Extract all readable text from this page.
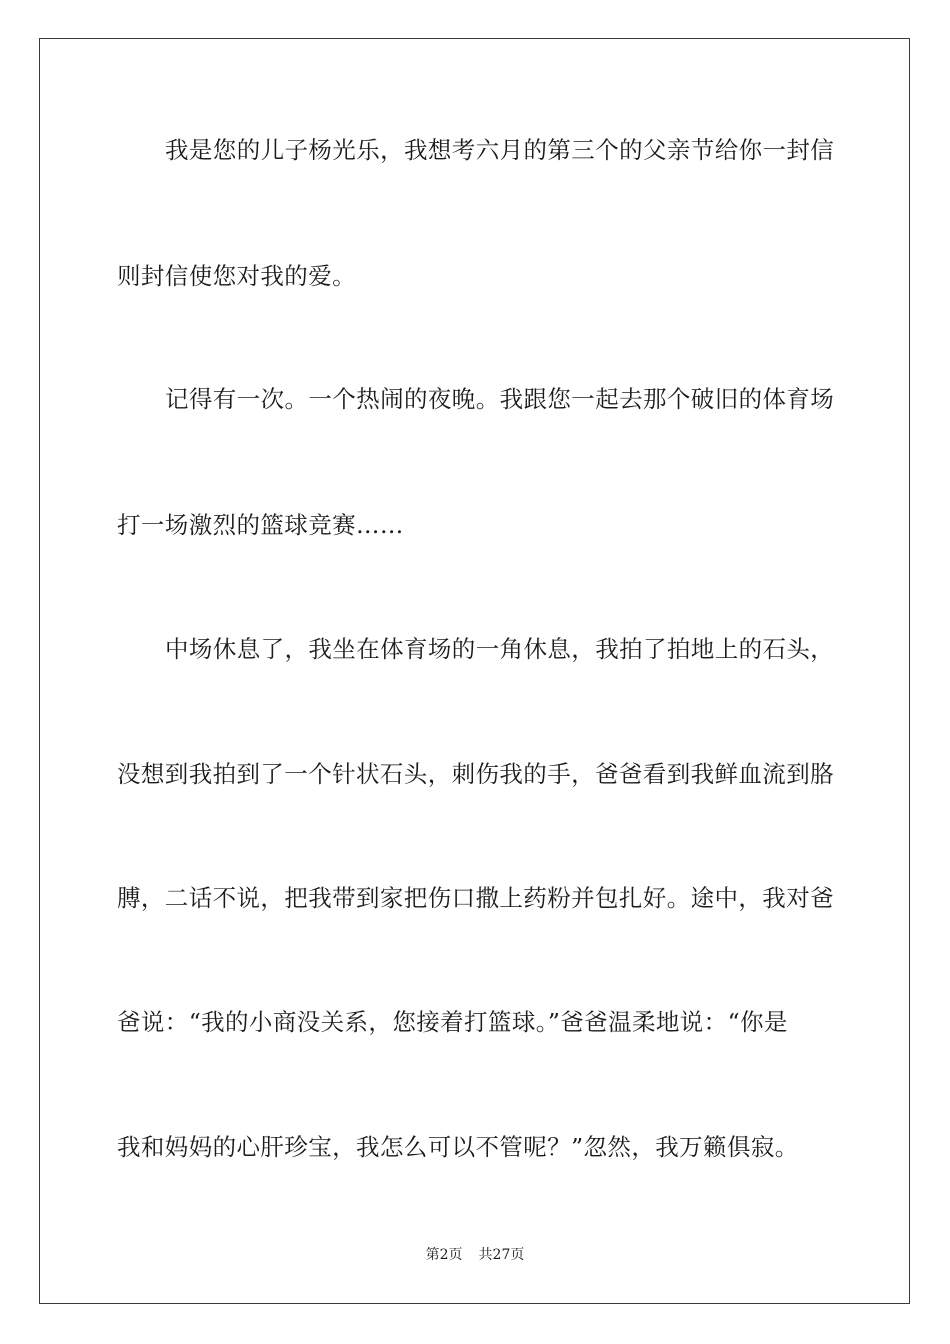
我是您的儿子杨光乐，我想考六月的第三个的父亲节给你一封信
则封信使您对我的爱。
记得有一次。一个热闹的夜晚。我跟您一起去那个破旧的体育场
打一场激烈的篮球竞赛……
中场休息了，我坐在体育场的一角休息，我拍了拍地上的石头，
没想到我拍到了一个针状石头，刺伤我的手，爸爸看到我鲜血流到胳
膊，二话不说，把我带到家把伤口撒上药粉并包扎好。途中，我对爸
爸说：“我的小商没关系，您接着打篮球。”爸爸温柔地说：“你是
我和妈妈的心肝珍宝，我怎么可以不管呢？”忽然，我万籁俱寂。
第2页 共27页
